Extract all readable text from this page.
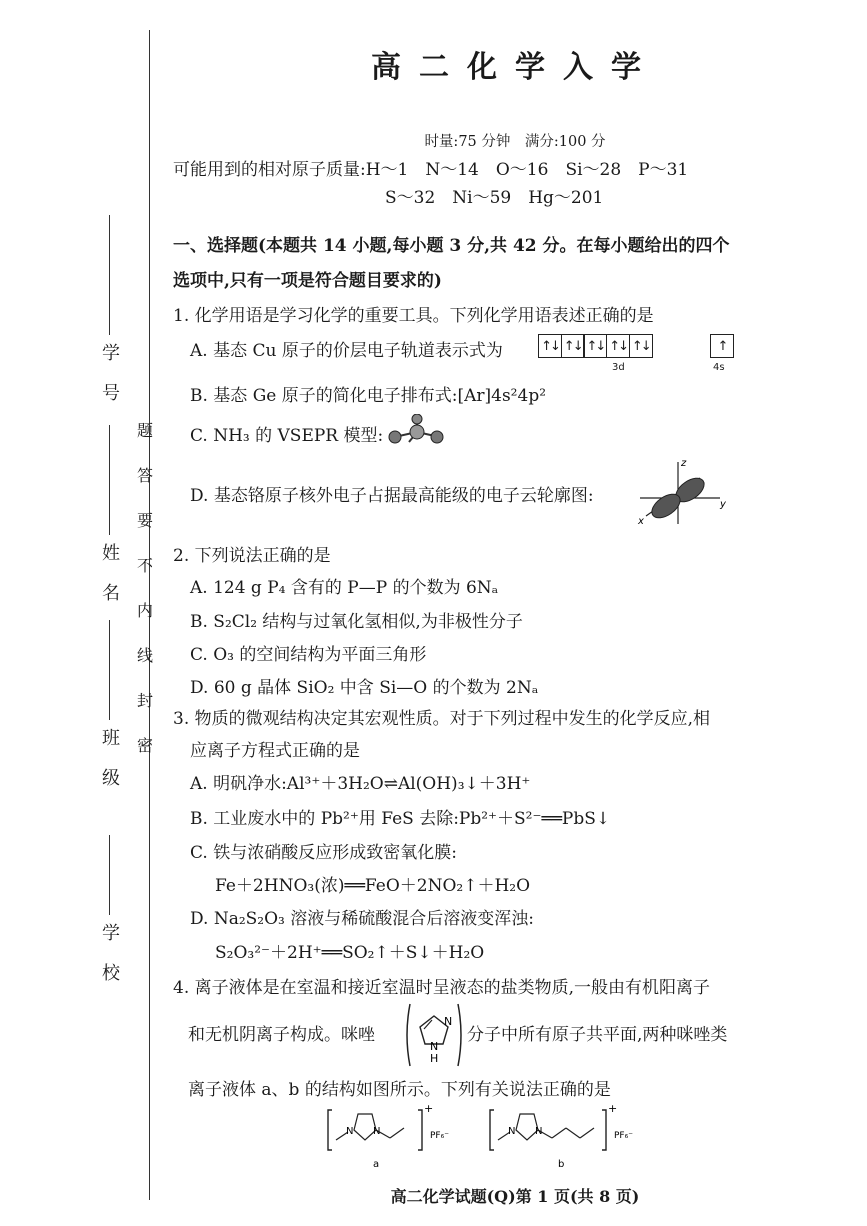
学号
姓名
班级
学校
题
答
要
不
内
线
封
密
高二化学入学
时量:75 分钟　满分:100 分
可能用到的相对原子质量:H～1　N～14　O～16　Si～28　P～31
S～32　Ni～59　Hg～201
一、选择题(本题共 14 小题,每小题 3 分,共 42 分。在每小题给出的四个
选项中,只有一项是符合题目要求的)
1. 化学用语是学习化学的重要工具。下列化学用语表述正确的是
A. 基态 Cu 原子的价层电子轨道表示式为	↑↓ ↑↓ ↑↓ ↑↓ ↑↓
3d
↑
4s
B. 基态 Ge 原子的简化电子排布式:[Ar]4s²4p²
C. NH₃ 的 VSEPR 模型:
D. 基态铬原子核外电子占据最高能级的电子云轮廓图:
z
y
x
2. 下列说法正确的是
A. 124 g P₄ 含有的 P—P 的个数为 6Nₐ
B. S₂Cl₂ 结构与过氧化氢相似,为非极性分子
C. O₃ 的空间结构为平面三角形
D. 60 g 晶体 SiO₂ 中含 Si—O 的个数为 2Nₐ
3. 物质的微观结构决定其宏观性质。对于下列过程中发生的化学反应,相
应离子方程式正确的是
A. 明矾净水:Al³⁺＋3H₂O⇌Al(OH)₃↓＋3H⁺
B. 工业废水中的 Pb²⁺用 FeS 去除:Pb²⁺＋S²⁻══PbS↓
C. 铁与浓硝酸反应形成致密氧化膜:
Fe＋2HNO₃(浓)══FeO＋2NO₂↑＋H₂O
D. Na₂S₂O₃ 溶液与稀硫酸混合后溶液变浑浊:
S₂O₃²⁻＋2H⁺══SO₂↑＋S↓＋H₂O
4. 离子液体是在室温和接近室温时呈液态的盐类物质,一般由有机阳离子
和无机阴离子构成。咪唑
N
N
H
分子中所有原子共平面,两种咪唑类
离子液体 a、b 的结构如图所示。下列有关说法正确的是
N N
+
PF₆⁻
a
N N
+
PF₆⁻
b
高二化学试题(Q)第 1 页(共 8 页)
